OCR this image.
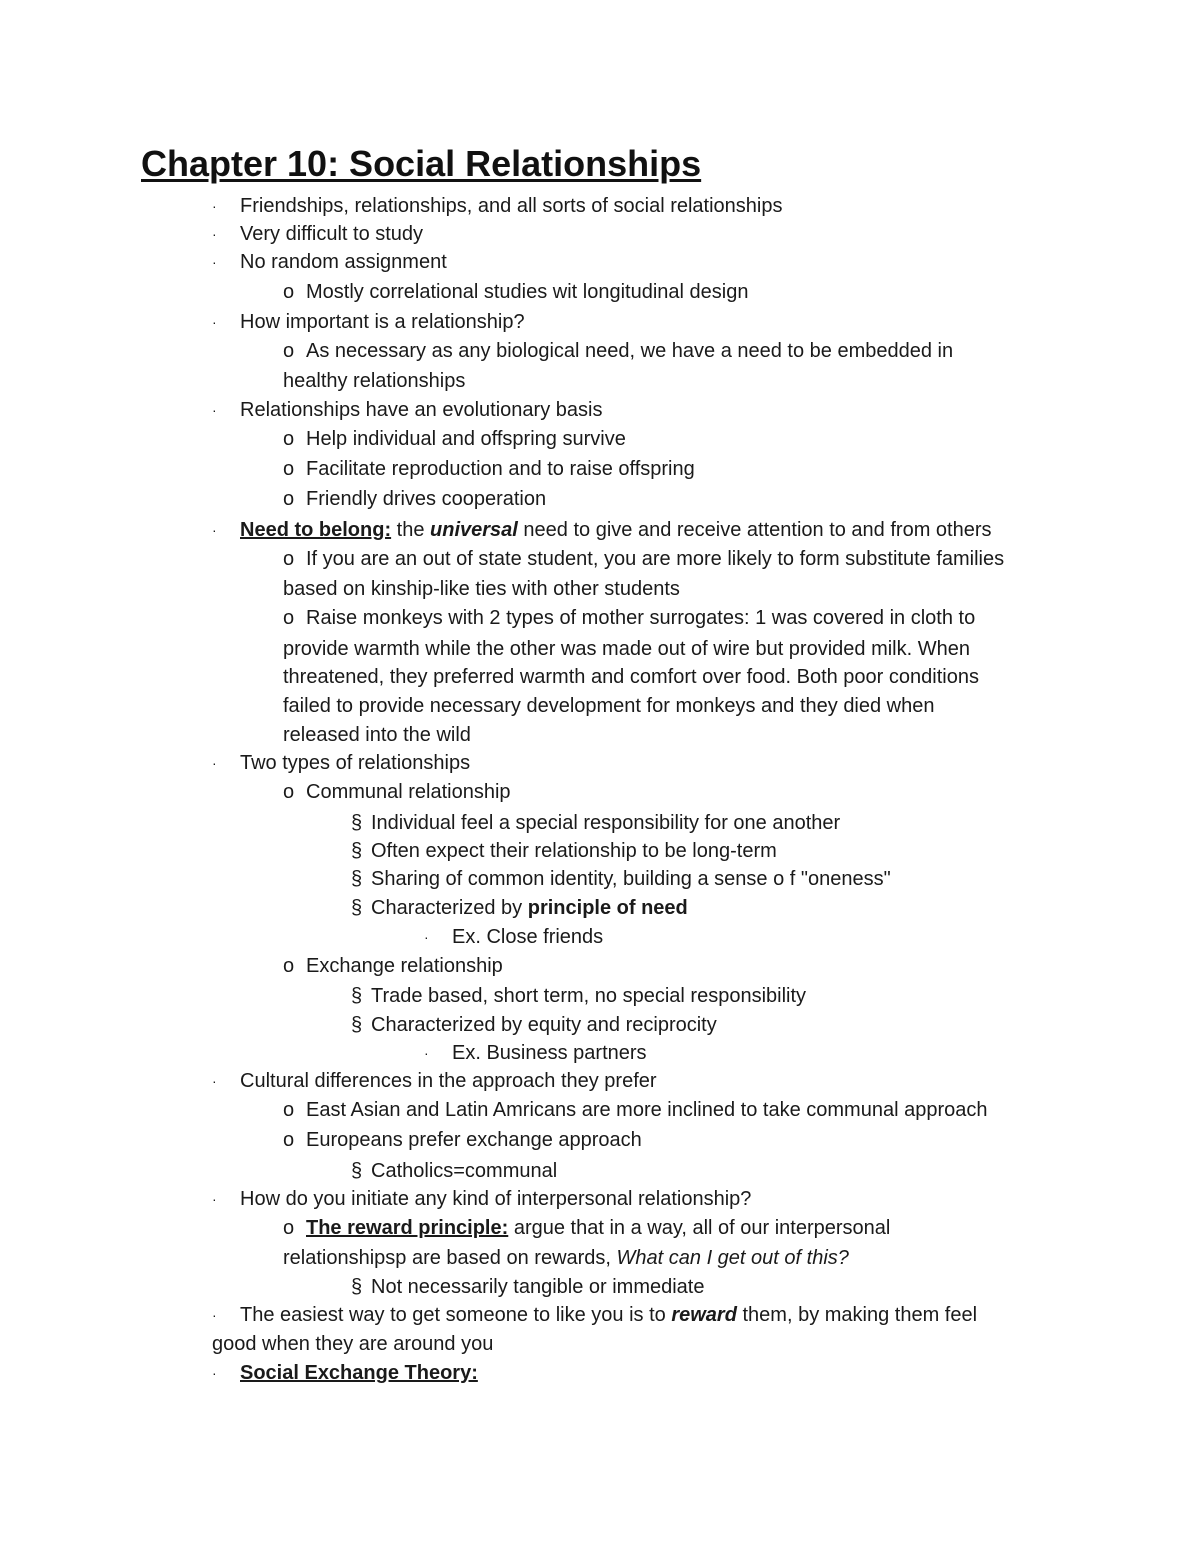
Chapter 10: Social Relationships
· Friendships, relationships, and all sorts of social relationships
· Very difficult to study
· No random assignment
o Mostly correlational studies wit longitudinal design
· How important is a relationship?
o As necessary as any biological need, we have a need to be embedded in
healthy relationships
· Relationships have an evolutionary basis
o Help individual and offspring survive
o Facilitate reproduction and to raise offspring
o Friendly drives cooperation
· Need to belong: the universal need to give and receive attention to and from others
o If you are an out of state student, you are more likely to form substitute families
based on kinship-like ties with other students
o Raise monkeys with 2 types of mother surrogates: 1 was covered in cloth to
provide warmth while the other was made out of wire but provided milk. When
threatened, they preferred warmth and comfort over food. Both poor conditions
failed to provide necessary development for monkeys and they died when
released into the wild
· Two types of relationships
o Communal relationship
§ Individual feel a special responsibility for one another
§ Often expect their relationship to be long-term
§ Sharing of common identity, building a sense o f "oneness"
§ Characterized by principle of need
· Ex. Close friends
o Exchange relationship
§ Trade based, short term, no special responsibility
§ Characterized by equity and reciprocity
· Ex. Business partners
· Cultural differences in the approach they prefer
o East Asian and Latin Amricans are more inclined to take communal approach
o Europeans prefer exchange approach
§ Catholics=communal
· How do you initiate any kind of interpersonal relationship?
o The reward principle: argue that in a way, all of our interpersonal
relationshipsp are based on rewards, What can I get out of this?
§ Not necessarily tangible or immediate
· The easiest way to get someone to like you is to reward them, by making them feel
good when they are around you
· Social Exchange Theory:
